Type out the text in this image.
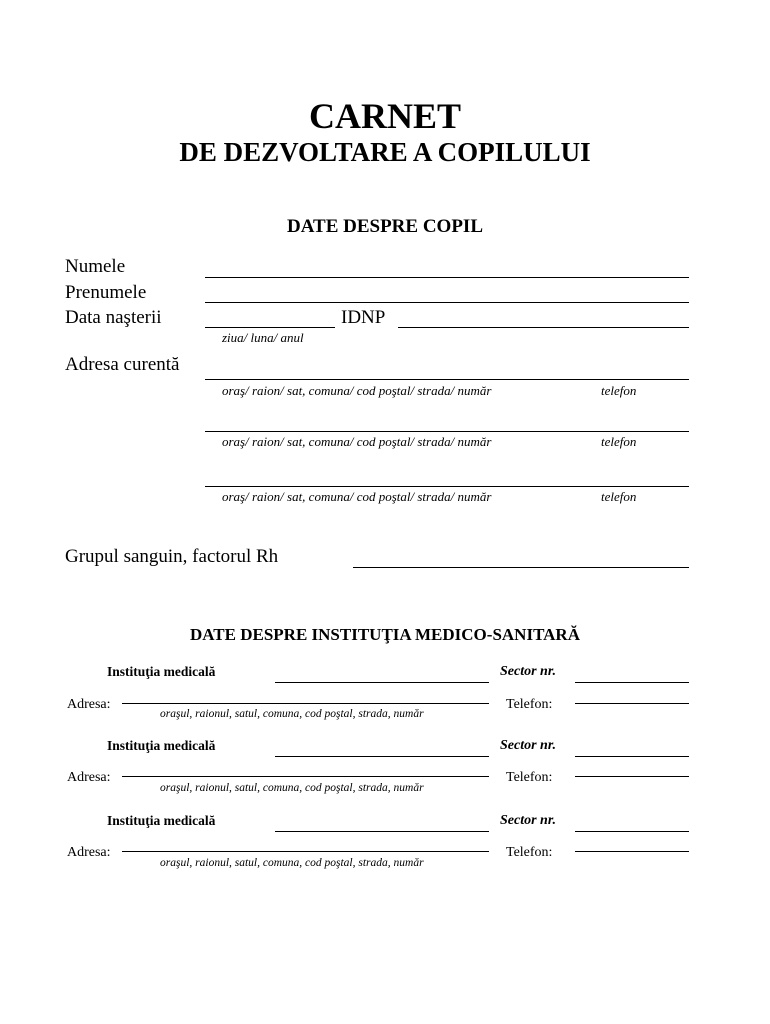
CARNET
DE DEZVOLTARE A COPILULUI
DATE DESPRE COPIL
Numele
Prenumele
Data naşterii	IDNP
ziua/ luna/ anul
Adresa curentă
oraş/ raion/ sat, comuna/ cod poştal/ strada/ număr	telefon
oraş/ raion/ sat, comuna/ cod poştal/ strada/ număr	telefon
oraş/ raion/ sat, comuna/ cod poştal/ strada/ număr	telefon
Grupul sanguin, factorul Rh
DATE DESPRE INSTITUŢIA MEDICO-SANITARĂ
Instituţia medicală	Sector nr.
Adresa:
oraşul, raionul, satul, comuna, cod poştal, strada, număr
Telefon:
Instituţia medicală	Sector nr.
Adresa:
oraşul, raionul, satul, comuna, cod poştal, strada, număr
Telefon:
Instituţia medicală	Sector nr.
Adresa:
oraşul, raionul, satul, comuna, cod poştal, strada, număr
Telefon:
